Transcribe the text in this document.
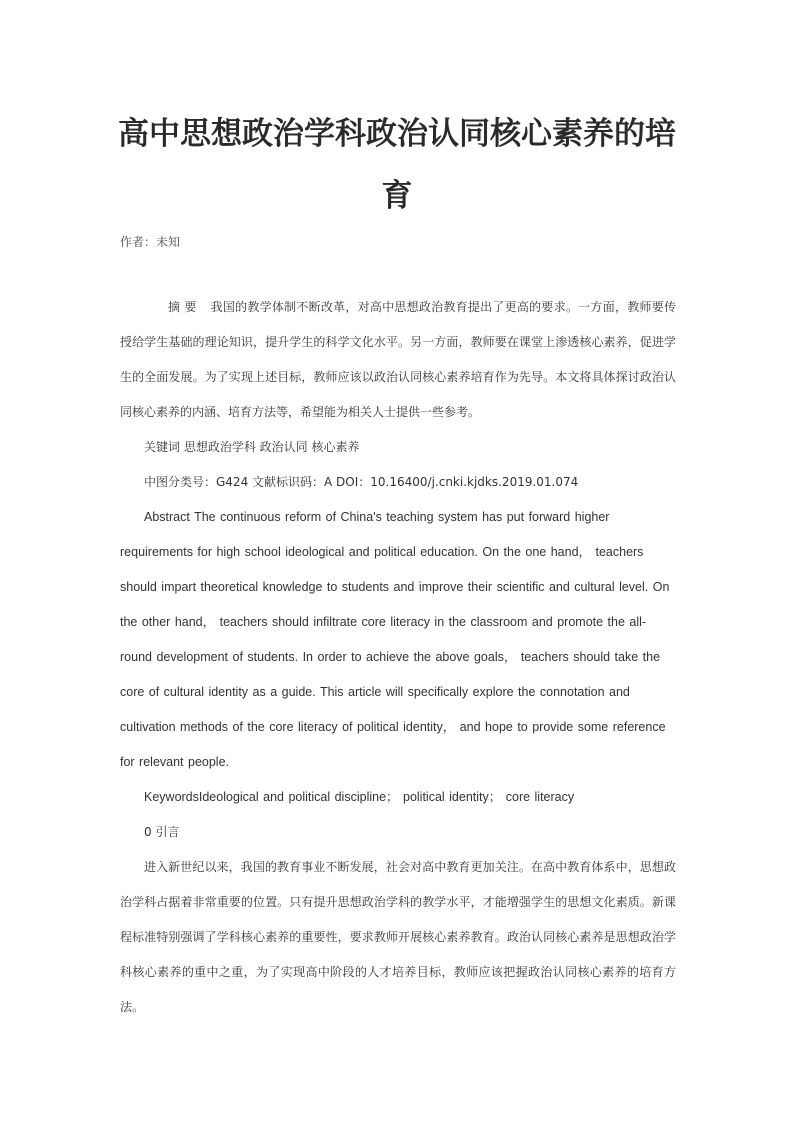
高中思想政治学科政治认同核心素养的培育
作者：未知

摘 要 我国的教学体制不断改革，对高中思想政治教育提出了更高的要求。一方面，教师要传授给学生基础的理论知识，提升学生的科学文化水平。另一方面，教师要在课堂上渗透核心素养，促进学生的全面发展。为了实现上述目标，教师应该以政治认同核心素养培育作为先导。本文将具体探讨政治认同核心素养的内涵、培育方法等，希望能为相关人士提供一些参考。

关键词 思想政治学科 政治认同 核心素养

中图分类号：G424 文献标识码：A DOI：10.16400/j.cnki.kjdks.2019.01.074

Abstract The continuous reform of China's teaching system has put forward higher requirements for high school ideological and political education. On the one hand， teachers should impart theoretical knowledge to students and improve their scientific and cultural level. On the other hand， teachers should infiltrate core literacy in the classroom and promote the all-round development of students. In order to achieve the above goals， teachers should take the core of cultural identity as a guide. This article will specifically explore the connotation and cultivation methods of the core literacy of political identity， and hope to provide some reference for relevant people.

KeywordsIdeological and political discipline； political identity； core literacy

0 引言

进入新世纪以来，我国的教育事业不断发展，社会对高中教育更加关注。在高中教育体系中，思想政治学科占据着非常重要的位置。只有提升思想政治学科的教学水平，才能增强学生的思想文化素质。新课程标准特别强调了学科核心素养的重要性，要求教师开展核心素养教育。政治认同核心素养是思想政治学科核心素养的重中之重，为了实现高中阶段的人才培养目标，教师应该把握政治认同核心素养的培育方法。
